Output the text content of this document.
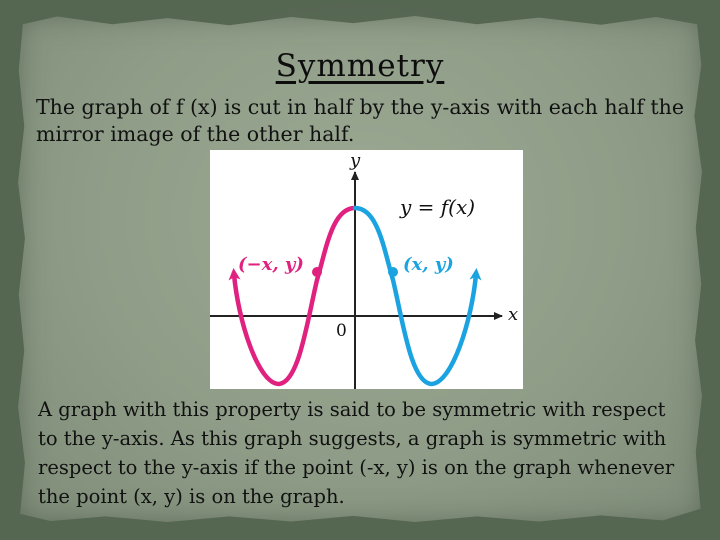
Symmetry
The graph of f (x) is cut in half by the y-axis with each half the mirror image of the other half.
y
x
0
y = f(x)
(−x, y)	(x, y)
A graph with this property is said to be symmetric with respect to the y-axis. As this graph suggests, a graph is symmetric with respect to the y-axis if the point (-x, y) is on the graph whenever the point (x, y) is on the graph.
